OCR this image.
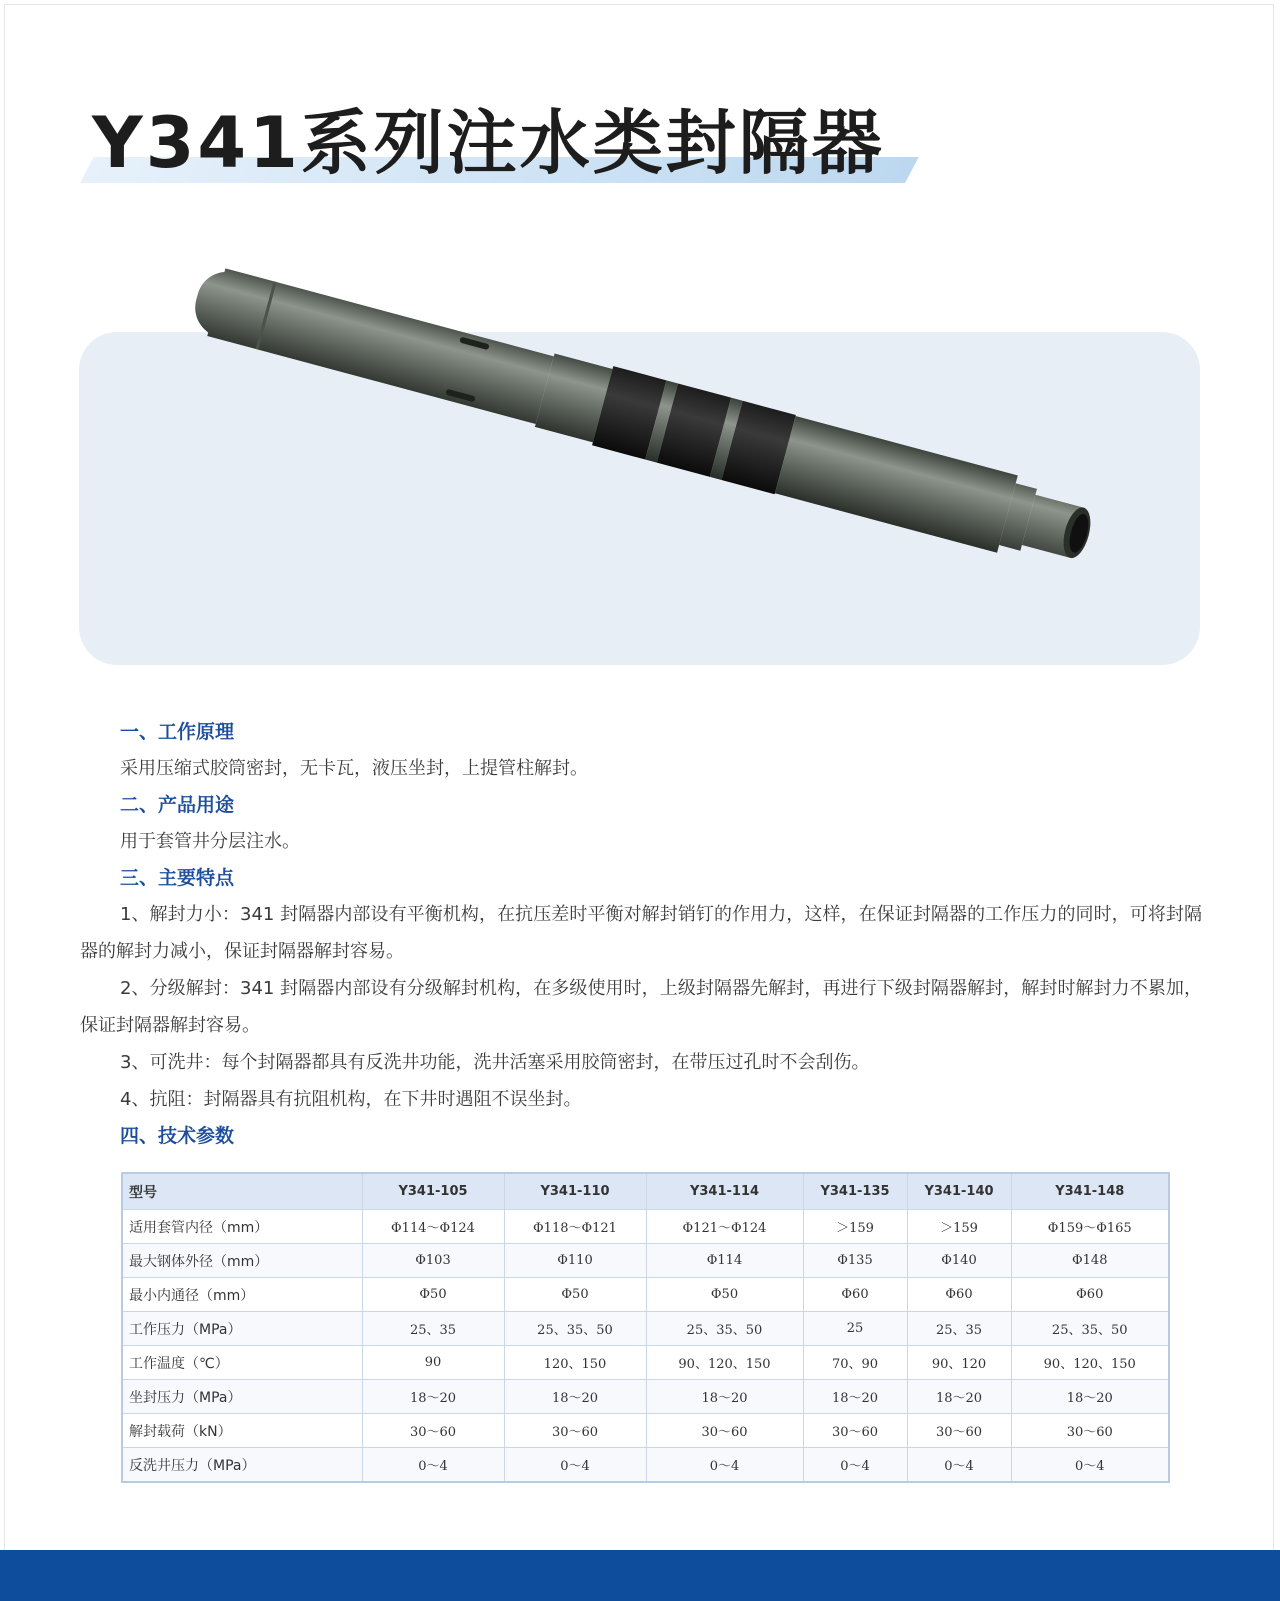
Y341系列注水类封隔器
一、工作原理

采用压缩式胶筒密封，无卡瓦，液压坐封，上提管柱解封。

二、产品用途

用于套管井分层注水。

三、主要特点

1、解封力小：341 封隔器内部设有平衡机构，在抗压差时平衡对解封销钉的作用力，这样，在保证封隔器的工作压力的同时，可将封隔器的解封力减小，保证封隔器解封容易。

2、分级解封：341 封隔器内部设有分级解封机构，在多级使用时，上级封隔器先解封，再进行下级封隔器解封，解封时解封力不累加，保证封隔器解封容易。

3、可洗井：每个封隔器都具有反洗井功能，洗井活塞采用胶筒密封，在带压过孔时不会刮伤。

4、抗阻：封隔器具有抗阻机构，在下井时遇阻不误坐封。

四、技术参数
型号	Y341-105	Y341-110	Y341-114	Y341-135	Y341-140	Y341-148
适用套管内径（mm）	Φ114～Φ124	Φ118～Φ121	Φ121～Φ124	＞159	＞159	Φ159～Φ165
最大钢体外径（mm）	Φ103	Φ110	Φ114	Φ135	Φ140	Φ148
最小内通径（mm）	Φ50	Φ50	Φ50	Φ60	Φ60	Φ60
工作压力（MPa）	25、35	25、35、50	25、35、50	25	25、35	25、35、50
工作温度（℃）	90	120、150	90、120、150	70、90	90、120	90、120、150
坐封压力（MPa）	18～20	18～20	18～20	18～20	18～20	18～20
解封载荷（kN）	30～60	30～60	30～60	30～60	30～60	30～60
反洗井压力（MPa）	0～4	0～4	0～4	0～4	0～4	0～4
